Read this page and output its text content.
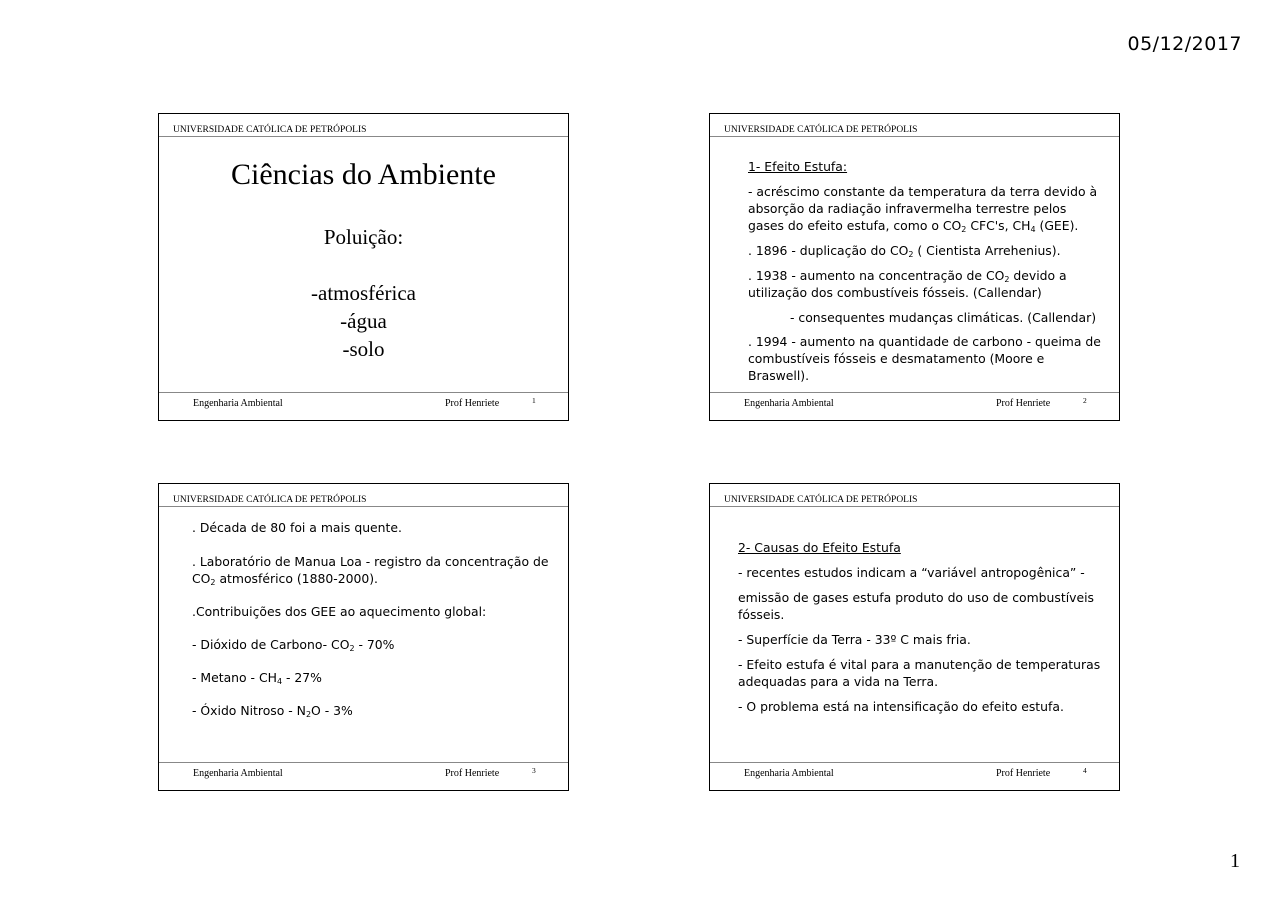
05/12/2017
UNIVERSIDADE CATÓLICA DE PETRÓPOLIS
Ciências do Ambiente
Poluição:
-atmosférica
-água
-solo
Engenharia Ambiental	Prof Henriete	1
UNIVERSIDADE CATÓLICA DE PETRÓPOLIS

1- Efeito Estufa:

- acréscimo constante da temperatura da terra devido à absorção da radiação infravermelha terrestre pelos gases do efeito estufa, como o $CO_2$ CFC's, $CH_4$ (GEE).

. 1896 - duplicação do $CO_2$ ( Cientista Arrehenius).

. 1938 - aumento na concentração de $CO_2$ devido a utilização dos combustíveis fósseis. (Callendar)

- consequentes mudanças climáticas. (Callendar)

. 1994 - aumento na quantidade de carbono - queima de combustíveis fósseis e desmatamento (Moore e Braswell).

Engenharia Ambiental	Prof Henriete	2
UNIVERSIDADE CATÓLICA DE PETRÓPOLIS

. Década de 80 foi a mais quente.

. Laboratório de Manua Loa - registro da concentração de $CO_2$ atmosférico (1880-2000).

.Contribuições dos GEE ao aquecimento global:

- Dióxido de Carbono- $CO_2 - 70\%$

- Metano - $CH_4 - 27\%$

- Óxido Nitroso - $N_2O - 3\%$

Engenharia Ambiental	Prof Henriete	3
UNIVERSIDADE CATÓLICA DE PETRÓPOLIS

2- Causas do Efeito Estufa

- recentes estudos indicam a “variável antropogênica” -

emissão de gases estufa produto do uso de combustíveis fósseis.

- Superfície da Terra - 33º C mais fria.

- Efeito estufa é vital para a manutenção de temperaturas adequadas para a vida na Terra.

- O problema está na intensificação do efeito estufa.

Engenharia Ambiental	Prof Henriete	4
1
